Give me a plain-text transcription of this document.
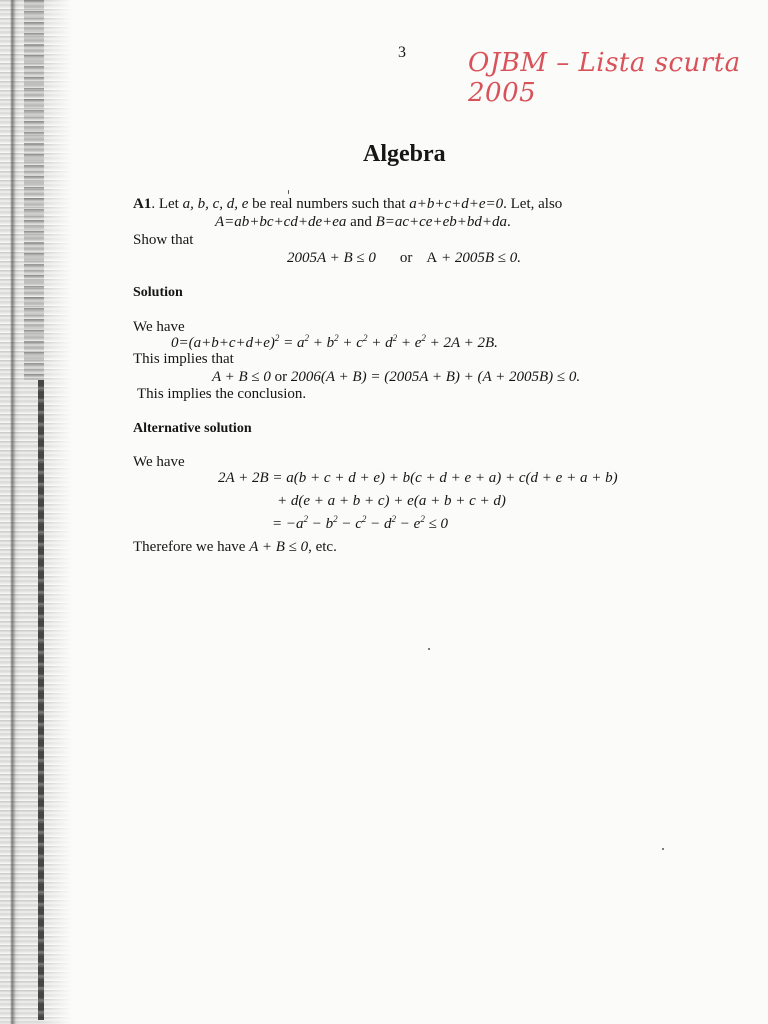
3 OJBM – Lista scurta 2005
Algebra
A1. Let a, b, c, d, e be real numbers such that a+b+c+d+e=0. Let, also
A=ab+bc+cd+de+ea and B=ac+ce+eb+bd+da.
Show that
2005A + B ≤ 0 or A + 2005B ≤ 0.
Solution
We have
$0=(a+b+c+d+e)^2 = a^2 + b^2 + c^2 + d^2 + e^2 + 2A + 2B$.
This implies that
A + B ≤ 0 or 2006(A + B) = (2005A + B) + (A + 2005B) ≤ 0.
This implies the conclusion.
Alternative solution
We have
2A + 2B = a(b + c + d + e) + b(c + d + e + a) + c(d + e + a + b)
+ d(e + a + b + c) + e(a + b + c + d)
= $-a^2 - b^2 - c^2 - d^2 - e^2 \le 0$
Therefore we have A + B ≤ 0, etc.
